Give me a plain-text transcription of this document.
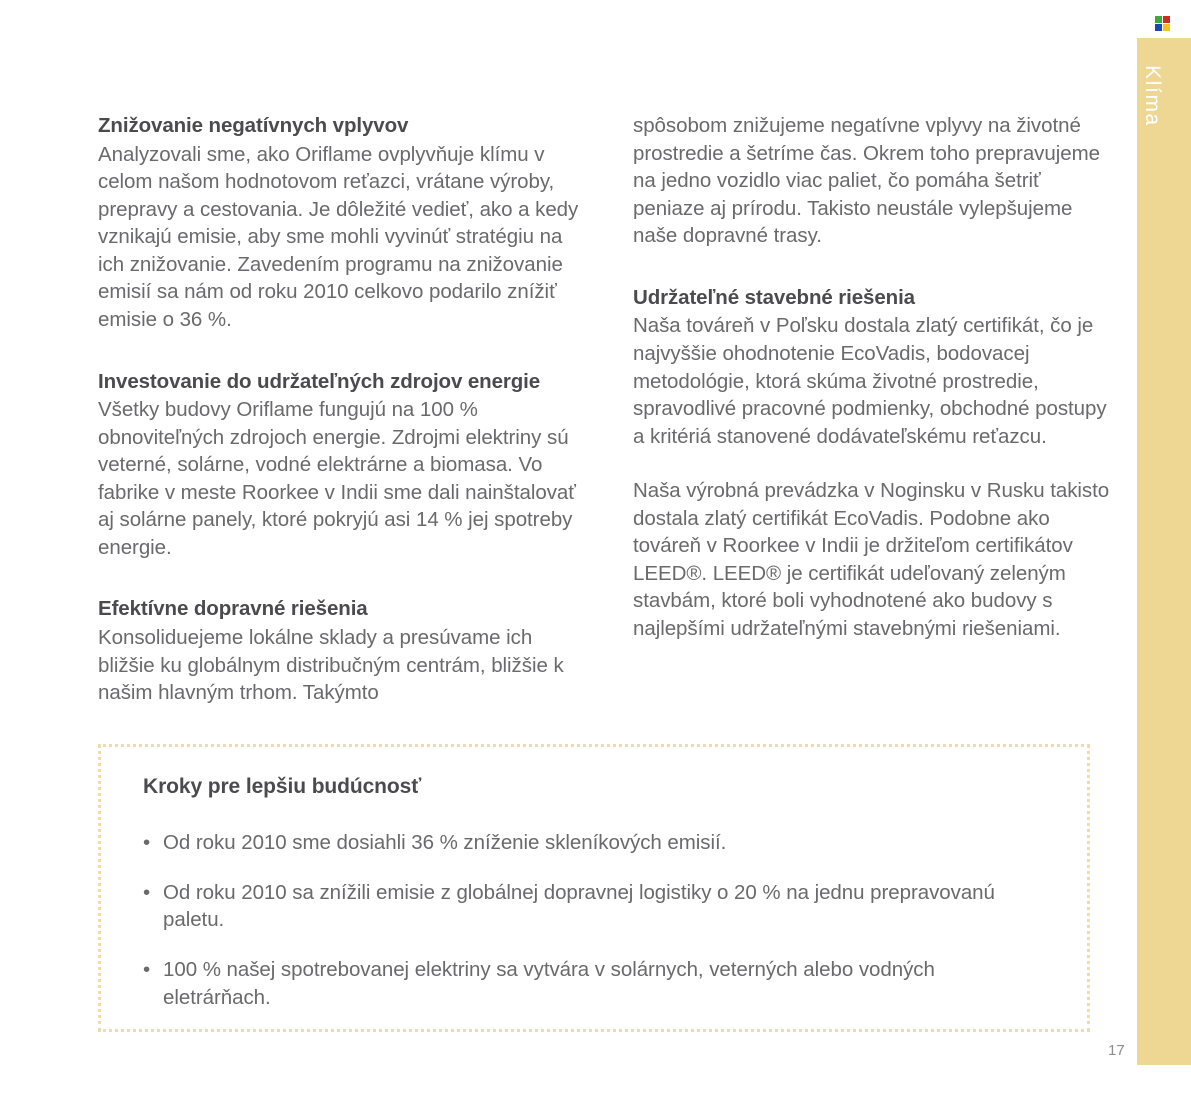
Klíma
Znižovanie negatívnych vplyvov

Analyzovali sme, ako Oriflame ovplyvňuje klímu v celom našom hodnotovom reťazci, vrátane výroby, prepravy a cestovania. Je dôležité vedieť, ako a kedy vznikajú emisie, aby sme mohli vyvinúť stratégiu na ich znižovanie. Zavedením programu na znižovanie emisií sa nám od roku 2010 celkovo podarilo znížiť emisie o 36 %.

Investovanie do udržateľných zdrojov energie

Všetky budovy Oriflame fungujú na 100 % obnoviteľných zdrojoch energie. Zdrojmi elektriny sú veterné, solárne, vodné elektrárne a biomasa. Vo fabrike v meste Roorkee v Indii sme dali nainštalovať aj solárne panely, ktoré pokryjú asi 14 % jej spotreby energie.

Efektívne dopravné riešenia

Konsoliduejeme lokálne sklady a presúvame ich bližšie ku globálnym distribučným centrám, bližšie k našim hlavným trhom. Takýmto

spôsobom znižujeme negatívne vplyvy na životné prostredie a šetríme čas. Okrem toho prepravujeme na jedno vozidlo viac paliet, čo pomáha šetriť peniaze aj prírodu. Takisto neustále vylepšujeme naše dopravné trasy.

Udržateľné stavebné riešenia

Naša továreň v Poľsku dostala zlatý certifikát, čo je najvyššie ohodnotenie EcoVadis, bodovacej metodológie, ktorá skúma životné prostredie, spravodlivé pracovné podmienky, obchodné postupy a kritériá stanovené dodávateľskému reťazcu.

Naša výrobná prevádzka v Noginsku v Rusku takisto dostala zlatý certifikát EcoVadis. Podobne ako továreň v Roorkee v Indii je držiteľom certifikátov LEED®. LEED® je certifikát udeľovaný zeleným stavbám, ktoré boli vyhodnotené ako budovy s najlepšími udržateľnými stavebnými riešeniami.

Kroky pre lepšiu budúcnosť
• Od roku 2010 sme dosiahli 36 % zníženie skleníkových emisií.
• Od roku 2010 sa znížili emisie z globálnej dopravnej logistiky o 20 % na jednu prepravovanú paletu.
• 100 % našej spotrebovanej elektriny sa vytvára v solárnych, veterných alebo vodných eletrárňach.
17
